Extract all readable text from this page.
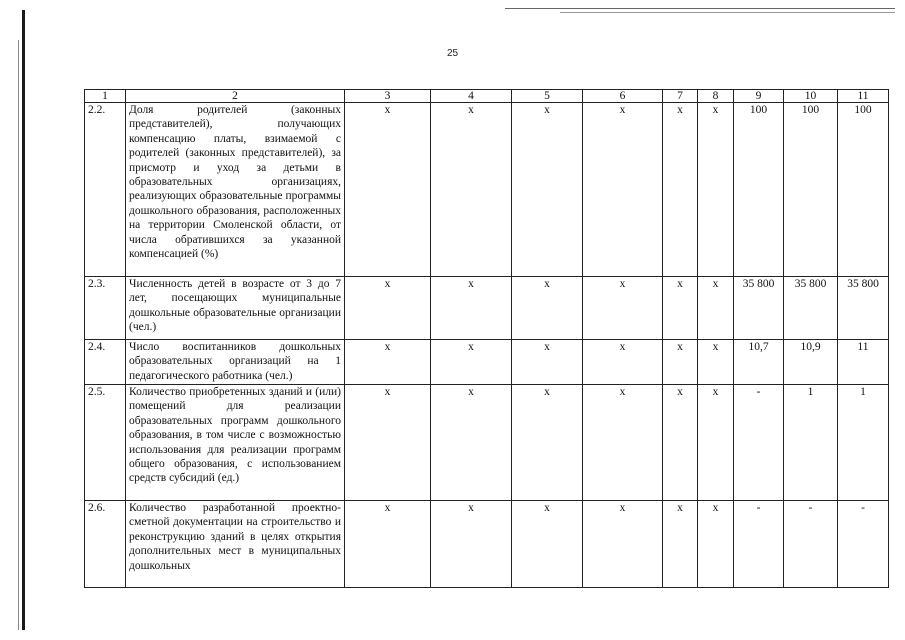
25
1	2	3	4	5	6	7	8	9	10	11
2.2.	Доля родителей (законных представителей), получающих компенсацию платы, взимаемой с родителей (законных представителей), за присмотр и уход за детьми в образовательных организациях, реализующих образовательные программы дошкольного образования, расположенных на территории Смоленской области, от числа обратившихся за указанной компенсацией (%)	х	х	х	х	х	х	100	100	100
2.3.	Численность детей в возрасте от 3 до 7 лет, посещающих муниципальные дошкольные образовательные организации (чел.)	х	х	х	х	х	х	35 800	35 800	35 800
2.4.	Число воспитанников дошкольных образовательных организаций на 1 педагогического работника (чел.)	х	х	х	х	х	х	10,7	10,9	11
2.5.	Количество приобретенных зданий и (или) помещений для реализации образовательных программ дошкольного образования, в том числе с возможностью использования для реализации программ общего образования, с использованием средств субсидий (ед.)	х	х	х	х	х	х	-	1	1
2.6.	Количество разработанной проектно-сметной документации на строительство и реконструкцию зданий в целях открытия дополнительных мест в муниципальных дошкольных	х	х	х	х	х	х	-	-	-
